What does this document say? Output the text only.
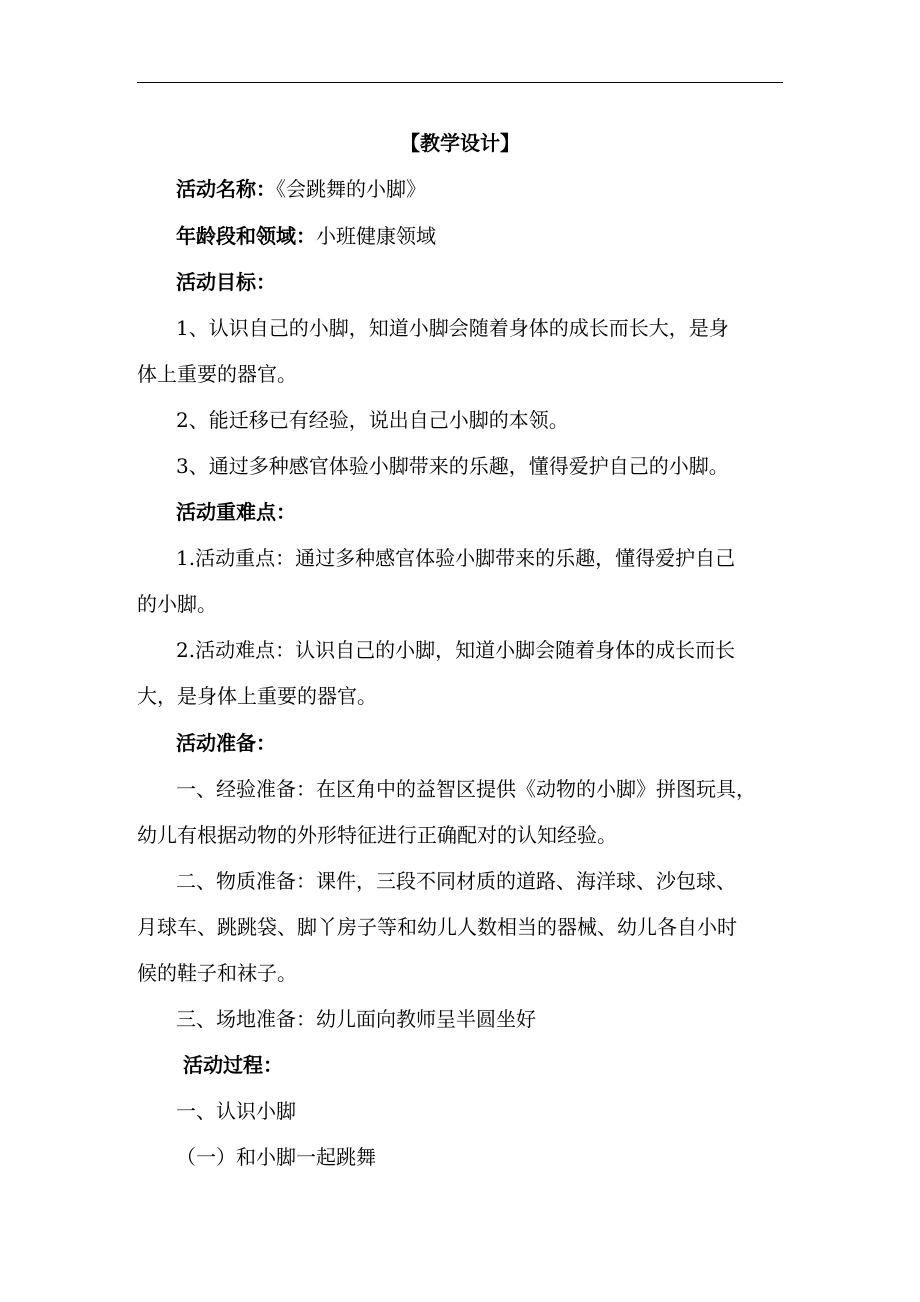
【教学设计】
活动名称：《会跳舞的小脚》
年龄段和领域：小班健康领域
活动目标：
1、认识自己的小脚，知道小脚会随着身体的成长而长大，是身
体上重要的器官。
2、能迁移已有经验，说出自己小脚的本领。
3、通过多种感官体验小脚带来的乐趣，懂得爱护自己的小脚。
活动重难点：
1.活动重点：通过多种感官体验小脚带来的乐趣，懂得爱护自己
的小脚。
2.活动难点：认识自己的小脚，知道小脚会随着身体的成长而长
大，是身体上重要的器官。
活动准备：
一、经验准备：在区角中的益智区提供《动物的小脚》拼图玩具，
幼儿有根据动物的外形特征进行正确配对的认知经验。
二、物质准备：课件，三段不同材质的道路、海洋球、沙包球、
月球车、跳跳袋、脚丫房子等和幼儿人数相当的器械、幼儿各自小时
候的鞋子和袜子。
三、场地准备：幼儿面向教师呈半圆坐好
活动过程：
一、认识小脚
（一）和小脚一起跳舞
